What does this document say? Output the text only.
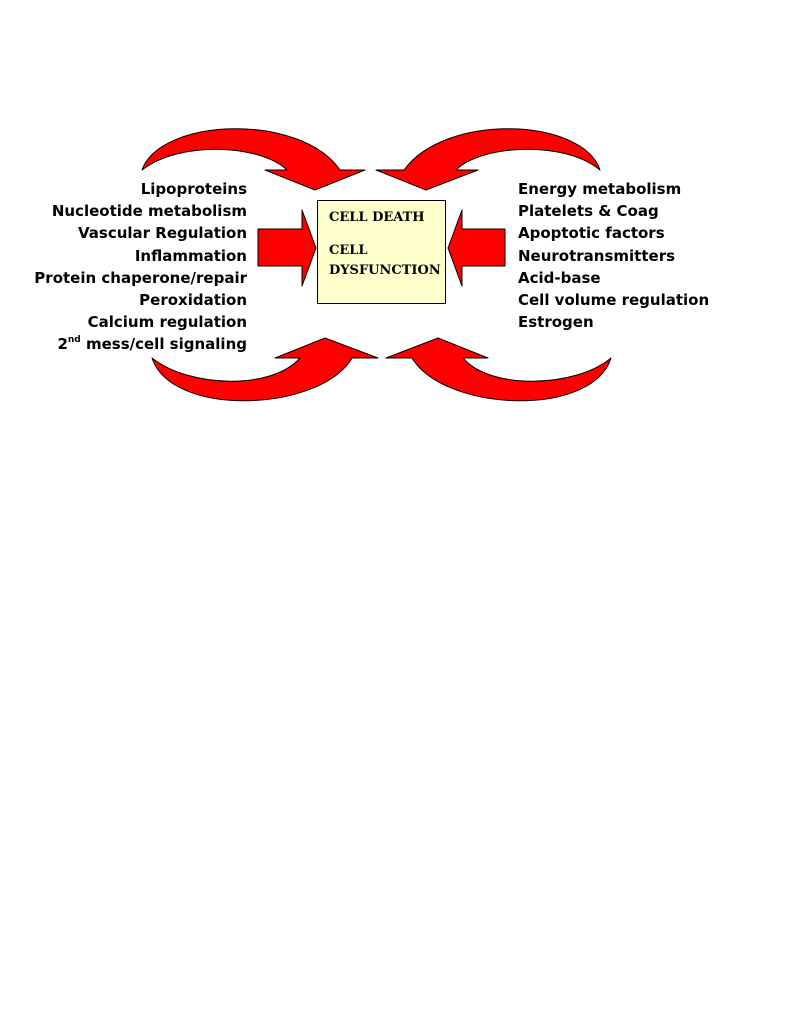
Lipoproteins
Nucleotide metabolism
Vascular Regulation
Inflammation
Protein chaperone/repair
Peroxidation
Calcium regulation
2nd mess/cell signaling
CELL DEATH
CELL
DYSFUNCTION
Energy metabolism
Platelets & Coag
Apoptotic factors
Neurotransmitters
Acid-base
Cell volume regulation
Estrogen
